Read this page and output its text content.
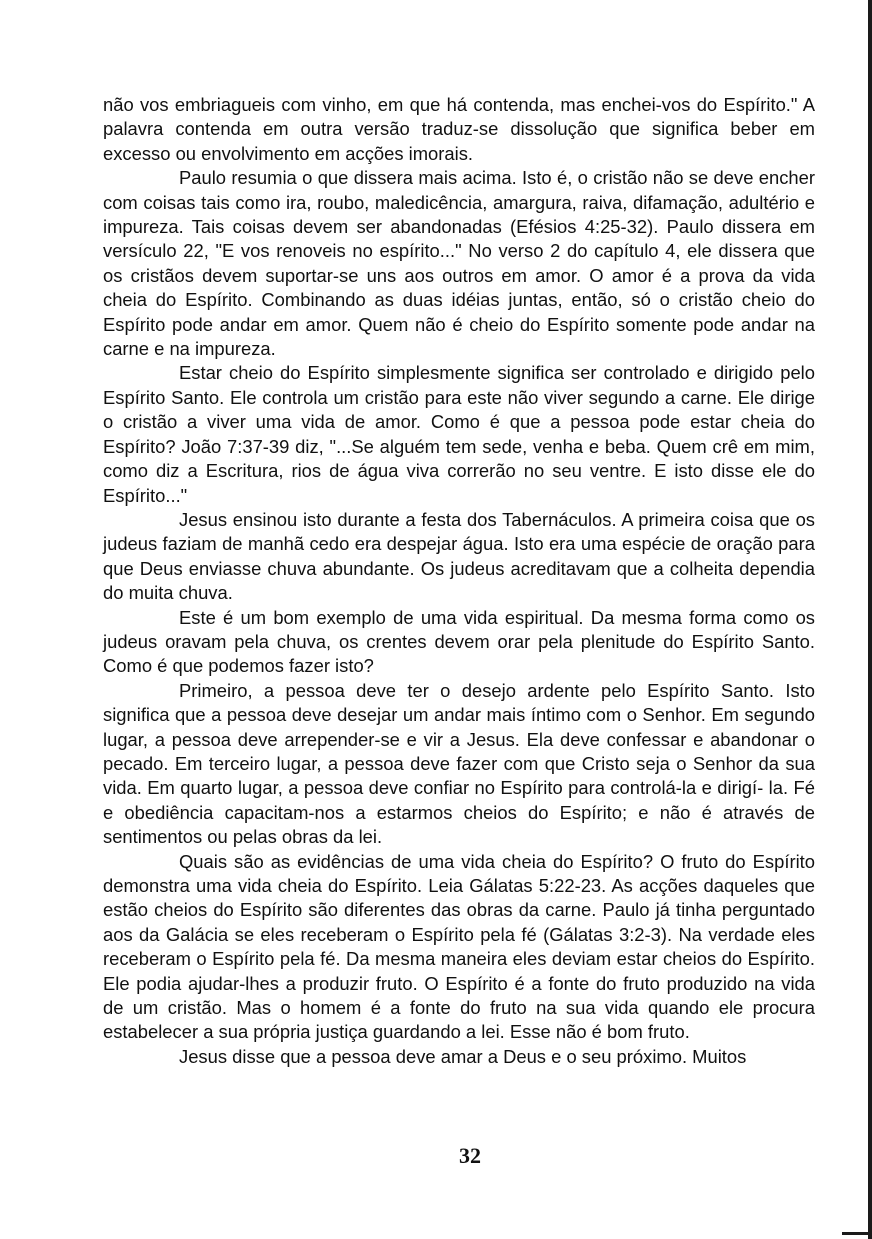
não vos embriagueis com vinho, em que há contenda, mas enchei-vos do Espírito." A palavra contenda em outra versão traduz-se dissolução que significa beber em excesso ou envolvimento em acções imorais.

Paulo resumia o que dissera mais acima. Isto é, o cristão não se deve encher com coisas tais como ira, roubo, maledicência, amargura, raiva, difamação, adultério e impureza. Tais coisas devem ser abandonadas (Efésios 4:25-32). Paulo dissera em versículo 22, "E vos renoveis no espírito..." No verso 2 do capítulo 4, ele dissera que os cristãos devem suportar-se uns aos outros em amor. O amor é a prova da vida cheia do Espírito. Combinando as duas idéias juntas, então, só o cristão cheio do Espírito pode andar em amor. Quem não é cheio do Espírito somente pode andar na carne e na impureza.

Estar cheio do Espírito simplesmente significa ser controlado e dirigido pelo Espírito Santo. Ele controla um cristão para este não viver segundo a carne. Ele dirige o cristão a viver uma vida de amor. Como é que a pessoa pode estar cheia do Espírito? João 7:37-39 diz, "...Se alguém tem sede, venha e beba. Quem crê em mim, como diz a Escritura, rios de água viva correrão no seu ventre. E isto disse ele do Espírito..."

Jesus ensinou isto durante a festa dos Tabernáculos. A primeira coisa que os judeus faziam de manhã cedo era despejar água. Isto era uma espécie de oração para que Deus enviasse chuva abundante. Os judeus acreditavam que a colheita dependia do muita chuva.

Este é um bom exemplo de uma vida espiritual. Da mesma forma como os judeus oravam pela chuva, os crentes devem orar pela plenitude do Espírito Santo. Como é que podemos fazer isto?

Primeiro, a pessoa deve ter o desejo ardente pelo Espírito Santo. Isto significa que a pessoa deve desejar um andar mais íntimo com o Senhor. Em segundo lugar, a pessoa deve arrepender-se e vir a Jesus. Ela deve confessar e abandonar o pecado. Em terceiro lugar, a pessoa deve fazer com que Cristo seja o Senhor da sua vida. Em quarto lugar, a pessoa deve confiar no Espírito para controlá-la e dirigí- la. Fé e obediência capacitam-nos a estarmos cheios do Espírito; e não é através de sentimentos ou pelas obras da lei.

Quais são as evidências de uma vida cheia do Espírito? O fruto do Espírito demonstra uma vida cheia do Espírito. Leia Gálatas 5:22-23. As acções daqueles que estão cheios do Espírito são diferentes das obras da carne. Paulo já tinha perguntado aos da Galácia se eles receberam o Espírito pela fé (Gálatas 3:2-3). Na verdade eles receberam o Espírito pela fé. Da mesma maneira eles deviam estar cheios do Espírito. Ele podia ajudar-lhes a produzir fruto. O Espírito é a fonte do fruto produzido na vida de um cristão. Mas o homem é a fonte do fruto na sua vida quando ele procura estabelecer a sua própria justiça guardando a lei. Esse não é bom fruto.

Jesus disse que a pessoa deve amar a Deus e o seu próximo. Muitos

32
